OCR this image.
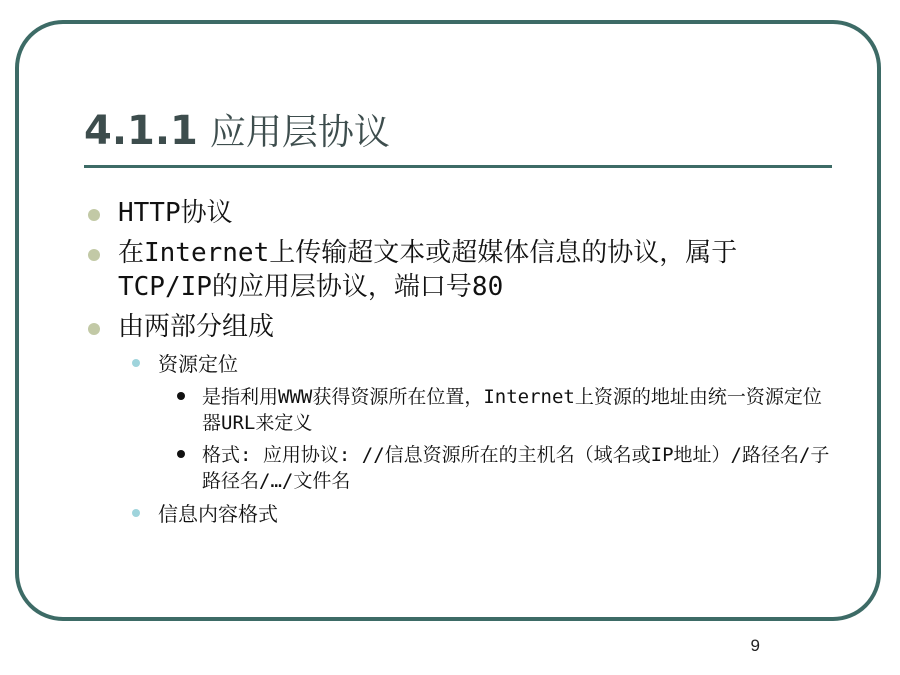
4.1.1 应用层协议
HTTP协议
在Internet上传输超文本或超媒体信息的协议，属于TCP/IP的应用层协议，端口号80
由两部分组成
资源定位
是指利用WWW获得资源所在位置，Internet上资源的地址由统一资源定位器URL来定义
格式: 应用协议: //信息资源所在的主机名（域名或IP地址）/路径名/子路径名/…/文件名
信息内容格式
9
